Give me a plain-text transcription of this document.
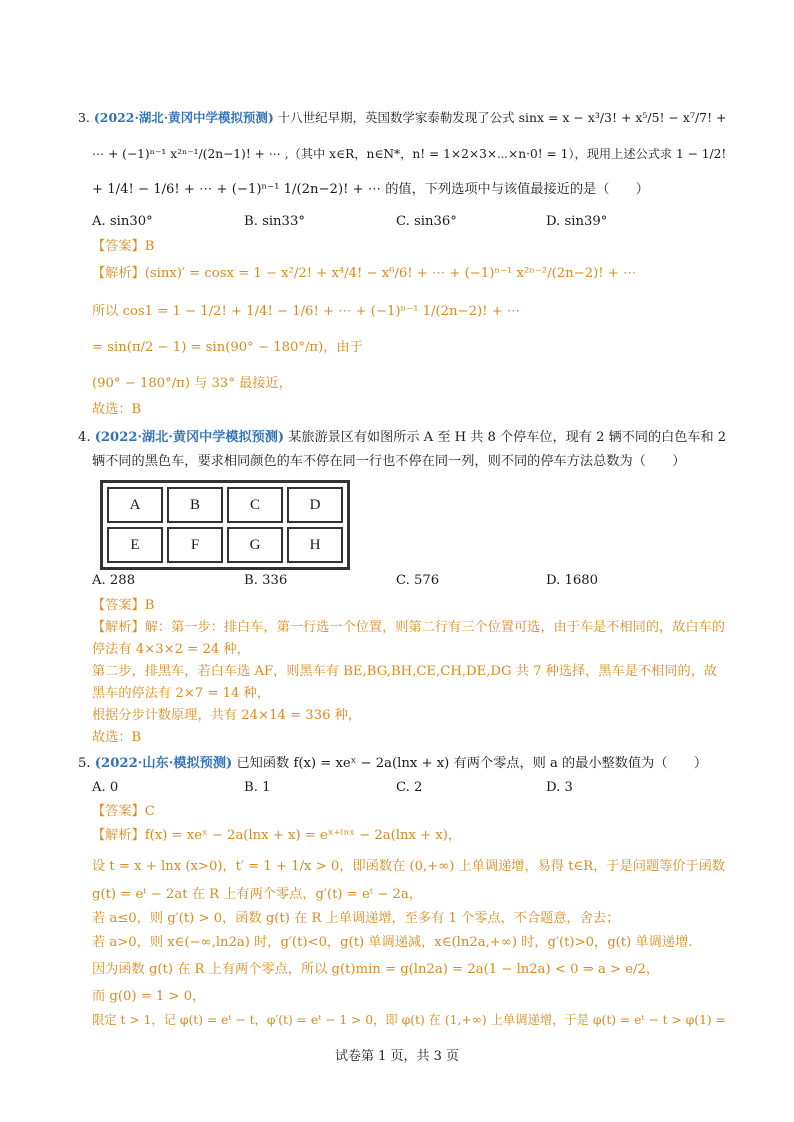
3. (2022·湖北·黄冈中学模拟预测) 十八世纪早期，英国数学家泰勒发现了公式 sinx = x − x³/3! + x⁵/5! − x⁷/7! +
⋯ + (−1)ⁿ⁻¹ x²ⁿ⁻¹/(2n−1)! + ⋯ ,（其中 x∈R，n∈N*，n! = 1×2×3×⋯×n·0! = 1），现用上述公式求 1 − 1/2!
+ 1/4! − 1/6! + ⋯ + (−1)ⁿ⁻¹ 1/(2n−2)! + ⋯ 的值，下列选项中与该值最接近的是（　　）
A. sin30°	B. sin33°	C. sin36°	D. sin39°
【答案】B
【解析】(sinx)′ = cosx = 1 − x²/2! + x⁴/4! − x⁶/6! + ⋯ + (−1)ⁿ⁻¹ x²ⁿ⁻²/(2n−2)! + ⋯
所以 cos1 = 1 − 1/2! + 1/4! − 1/6! + ⋯ + (−1)ⁿ⁻¹ 1/(2n−2)! + ⋯
= sin(π/2 − 1) = sin(90° − 180°/π)，由于
(90° − 180°/π) 与 33° 最接近，
故选：B
4. (2022·湖北·黄冈中学模拟预测) 某旅游景区有如图所示 A 至 H 共 8 个停车位，现有 2 辆不同的白色车和 2
辆不同的黑色车，要求相同颜色的车不停在同一行也不停在同一列，则不同的停车方法总数为（　　）
A	B	C	D
E	F	G	H
A. 288	B. 336	C. 576	D. 1680
【答案】B
【解析】解：第一步：排白车，第一行选一个位置，则第二行有三个位置可选，由于车是不相同的，故白车的
停法有 4×3×2 = 24 种，
第二步，排黑车，若白车选 AF，则黑车有 BE,BG,BH,CE,CH,DE,DG 共 7 种选择，黑车是不相同的，故
黑车的停法有 2×7 = 14 种，
根据分步计数原理，共有 24×14 = 336 种，
故选：B
5. (2022·山东·模拟预测) 已知函数 f(x) = xeˣ − 2a(lnx + x) 有两个零点，则 a 的最小整数值为（　　）
A. 0	B. 1	C. 2	D. 3
【答案】C
【解析】f(x) = xeˣ − 2a(lnx + x) = eˣ⁺ˡⁿˣ − 2a(lnx + x)，
设 t = x + lnx (x>0)，t′ = 1 + 1/x > 0，即函数在 (0,+∞) 上单调递增，易得 t∈R，于是问题等价于函数
g(t) = eᵗ − 2at 在 R 上有两个零点，g′(t) = eᵗ − 2a，
若 a≤0，则 g′(t) > 0，函数 g(t) 在 R 上单调递增，至多有 1 个零点，不合题意，舍去；
若 a>0，则 x∈(−∞,ln2a) 时，g′(t)<0，g(t) 单调递减，x∈(ln2a,+∞) 时，g′(t)>0，g(t) 单调递增.
因为函数 g(t) 在 R 上有两个零点，所以 g(t)min = g(ln2a) = 2a(1 − ln2a) < 0 ⇒ a > e/2，
而 g(0) = 1 > 0，
限定 t > 1，记 φ(t) = eᵗ − t，φ′(t) = eᵗ − 1 > 0，即 φ(t) 在 (1,+∞) 上单调递增，于是 φ(t) = eᵗ − t > φ(1) =
试卷第 1 页，共 3 页
